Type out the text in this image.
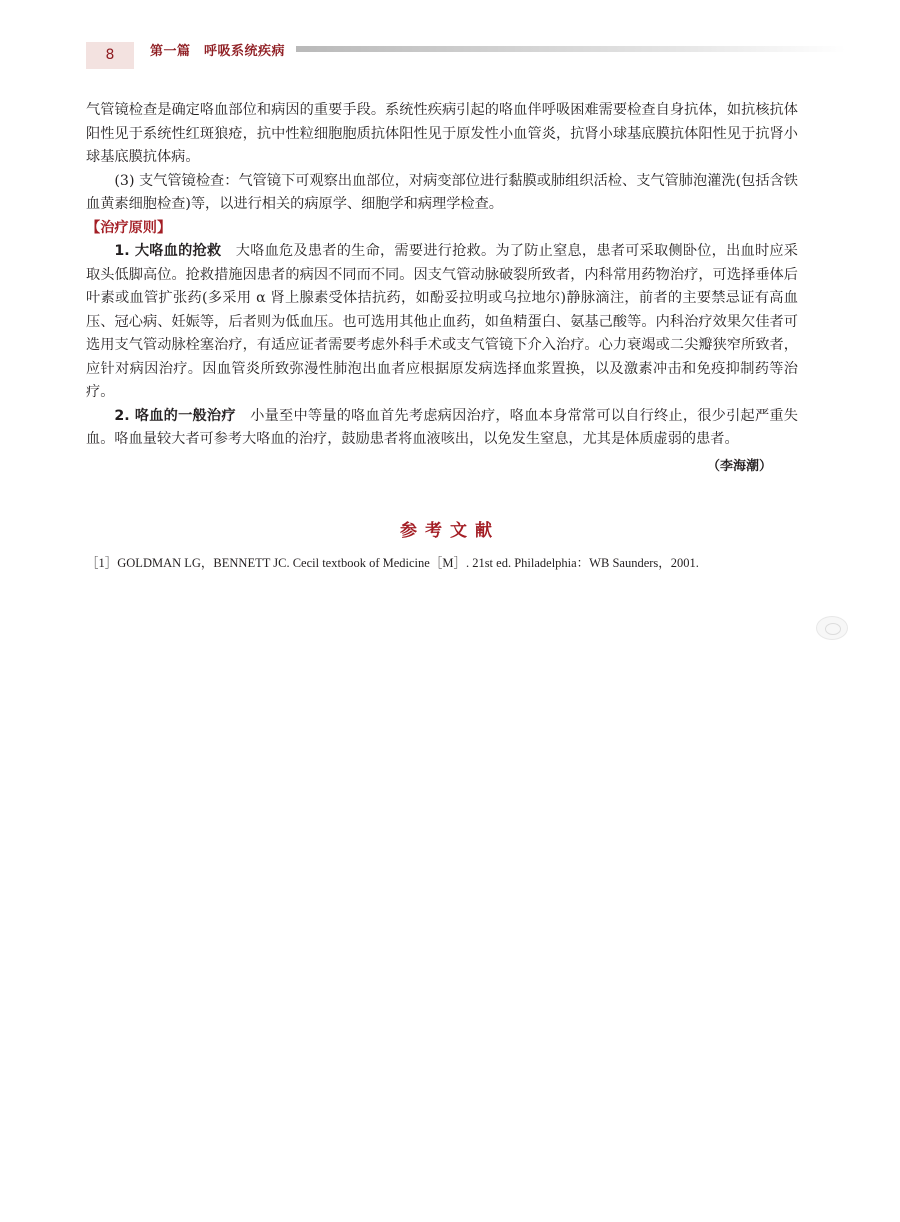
8	第一篇　呼吸系统疾病

气管镜检查是确定咯血部位和病因的重要手段。系统性疾病引起的咯血伴呼吸困难需要检查自身抗体，如抗核抗体阳性见于系统性红斑狼疮，抗中性粒细胞胞质抗体阳性见于原发性小血管炎，抗肾小球基底膜抗体阳性见于抗肾小球基底膜抗体病。

(3) 支气管镜检查：气管镜下可观察出血部位，对病变部位进行黏膜或肺组织活检、支气管肺泡灌洗(包括含铁血黄素细胞检查)等，以进行相关的病原学、细胞学和病理学检查。

【治疗原则】

1. 大咯血的抢救　 大咯血危及患者的生命，需要进行抢救。为了防止窒息，患者可采取侧卧位，出血时应采取头低脚高位。抢救措施因患者的病因不同而不同。因支气管动脉破裂所致者，内科常用药物治疗，可选择垂体后叶素或血管扩张药(多采用 α 肾上腺素受体拮抗药，如酚妥拉明或乌拉地尔)静脉滴注，前者的主要禁忌证有高血压、冠心病、妊娠等，后者则为低血压。也可选用其他止血药，如鱼精蛋白、氨基己酸等。内科治疗效果欠佳者可选用支气管动脉栓塞治疗，有适应证者需要考虑外科手术或支气管镜下介入治疗。心力衰竭或二尖瓣狭窄所致者，应针对病因治疗。因血管炎所致弥漫性肺泡出血者应根据原发病选择血浆置换，以及激素冲击和免疫抑制药等治疗。

2. 咯血的一般治疗　 小量至中等量的咯血首先考虑病因治疗，咯血本身常常可以自行终止，很少引起严重失血。咯血量较大者可参考大咯血的治疗，鼓励患者将血液咳出，以免发生窒息，尤其是体质虚弱的患者。

（李海潮）
参考文献
［1］GOLDMAN LG，BENNETT JC. Cecil textbook of Medicine［M］. 21st ed. Philadelphia：WB Saunders，2001.
